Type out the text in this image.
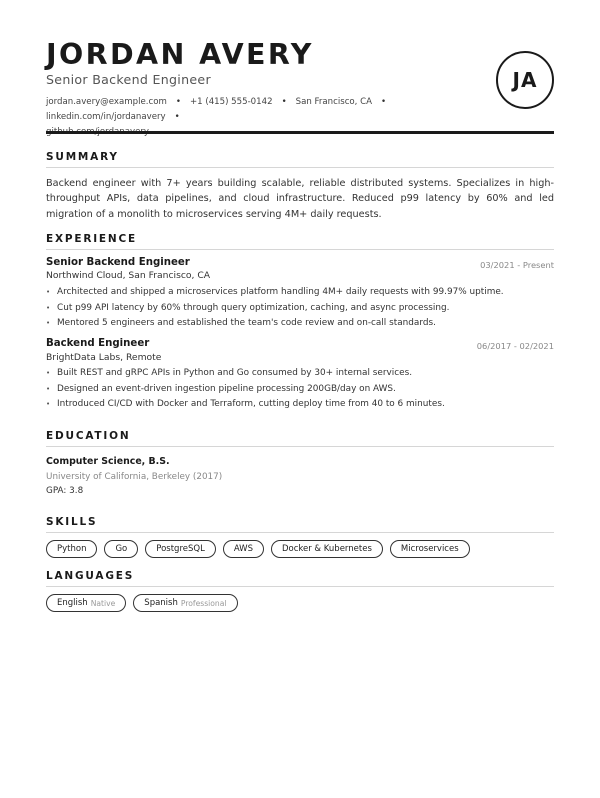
JORDAN AVERY
Senior Backend Engineer
jordan.avery@example.com • +1 (415) 555-0142 • San Francisco, CA •linkedin.com/in/jordanavery •

JA
SUMMARY
Backend engineer with 7+ years building scalable, reliable distributed systems. Specializes in high-throughput APIs, data pipelines, and cloud infrastructure. Reduced p99 latency by 60% and led migration of a monolith to microservices serving 4M+ daily requests.
EXPERIENCE
Senior Backend Engineer	03/2021 - Present
Northwind Cloud, San Francisco, CA
• Architected and shipped a microservices platform handling 4M+ daily requests with 99.97% uptime.
• Cut p99 API latency by 60% through query optimization, caching, and async processing.
• Mentored 5 engineers and established the team's code review and on-call standards.
Backend Engineer	06/2017 - 02/2021
BrightData Labs, Remote
• Built REST and gRPC APIs in Python and Go consumed by 30+ internal services.
• Designed an event-driven ingestion pipeline processing 200GB/day on AWS.
• Introduced CI/CD with Docker and Terraform, cutting deploy time from 40 to 6 minutes.
EDUCATION
Computer Science, B.S.
University of California, Berkeley (2017)
GPA: 3.8
SKILLS
Python	Go	PostgreSQL	AWS	Docker & Kubernetes	Microservices
LANGUAGES
English Native	Spanish Professional
